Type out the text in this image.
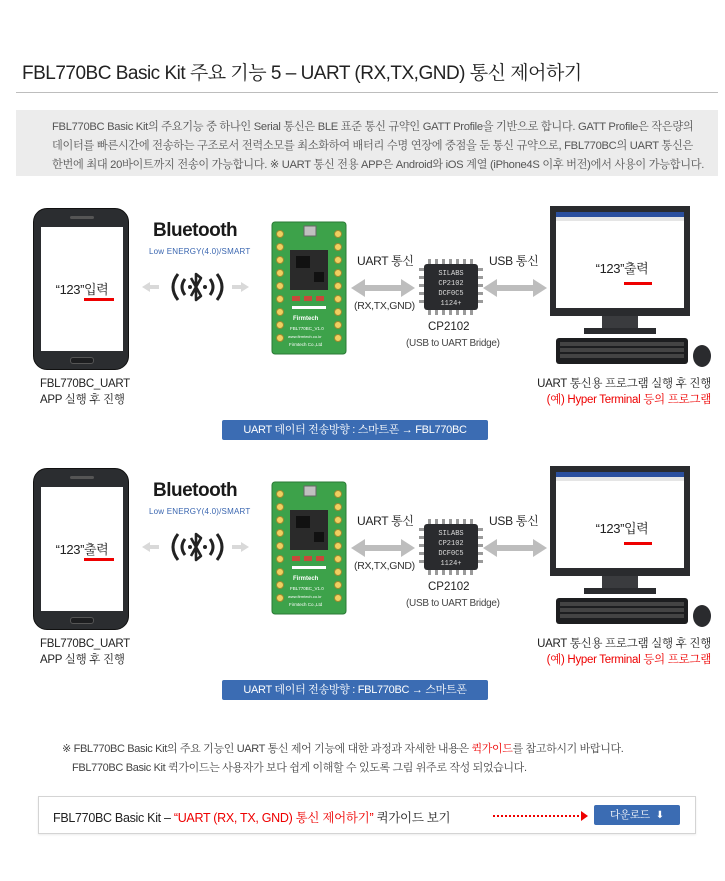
FBL770BC Basic Kit 주요 기능 5 – UART (RX,TX,GND) 통신 제어하기

FBL770BC Basic Kit의 주요기능 중 하나인 Serial 통신은 BLE 표준 통신 규약인 GATT Profile을 기반으로 합니다. GATT Profile은 작은량의

데이터를 빠른시간에 전송하는 구조로서 전력소모를 최소화하여 배터리 수명 연장에 중점을 둔 통신 규약으로, FBL770BC의 UART 통신은

한번에 최대 20바이트까지 전송이 가능합니다. ※ UART 통신 전용 APP은 Android와 iOS 계열 (iPhone4S 이후 버전)에서 사용이 가능합니다.

“123”입력
Bluetooth
Low ENERGY(4.0)/SMART
Firmtech
FBL770BC_V1.0
www.firmtech.co.kr
Firmtech Co.,Ltd
UART 통신
(RX,TX,GND)
SILABS
CP2102
DCF0C5
1124+
CP2102
(USB to UART Bridge)
USB 통신	“123”출력
FBL770BC_UART
APP 실행 후 진행
UART 통신용 프로그램 실행 후 진행
(예) Hyper Terminal 등의 프로그램
UART 데이터 전송방향 : 스마트폰 → FBL770BC
“123”출력
Bluetooth
Low ENERGY(4.0)/SMART
Firmtech
FBL770BC_V1.0
www.firmtech.co.kr
Firmtech Co.,Ltd
UART 통신
(RX,TX,GND)
SILABS
CP2102
DCF0C5
1124+
CP2102
(USB to UART Bridge)
USB 통신	“123”입력
FBL770BC_UART
APP 실행 후 진행
UART 통신용 프로그램 실행 후 진행
(예) Hyper Terminal 등의 프로그램
UART 데이터 전송방향 : FBL770BC → 스마트폰

※ FBL770BC Basic Kit의 주요 기능인 UART 통신 제어 기능에 대한 과정과 자세한 내용은 퀵가이드를 참고하시기 바랍니다.

FBL770BC Basic Kit 퀵가이드는 사용자가 보다 쉽게 이해할 수 있도록 그림 위주로 작성 되었습니다.

FBL770BC Basic Kit – “UART (RX, TX, GND) 통신 제어하기” 퀵가이드 보기	다운로드 ⬇
